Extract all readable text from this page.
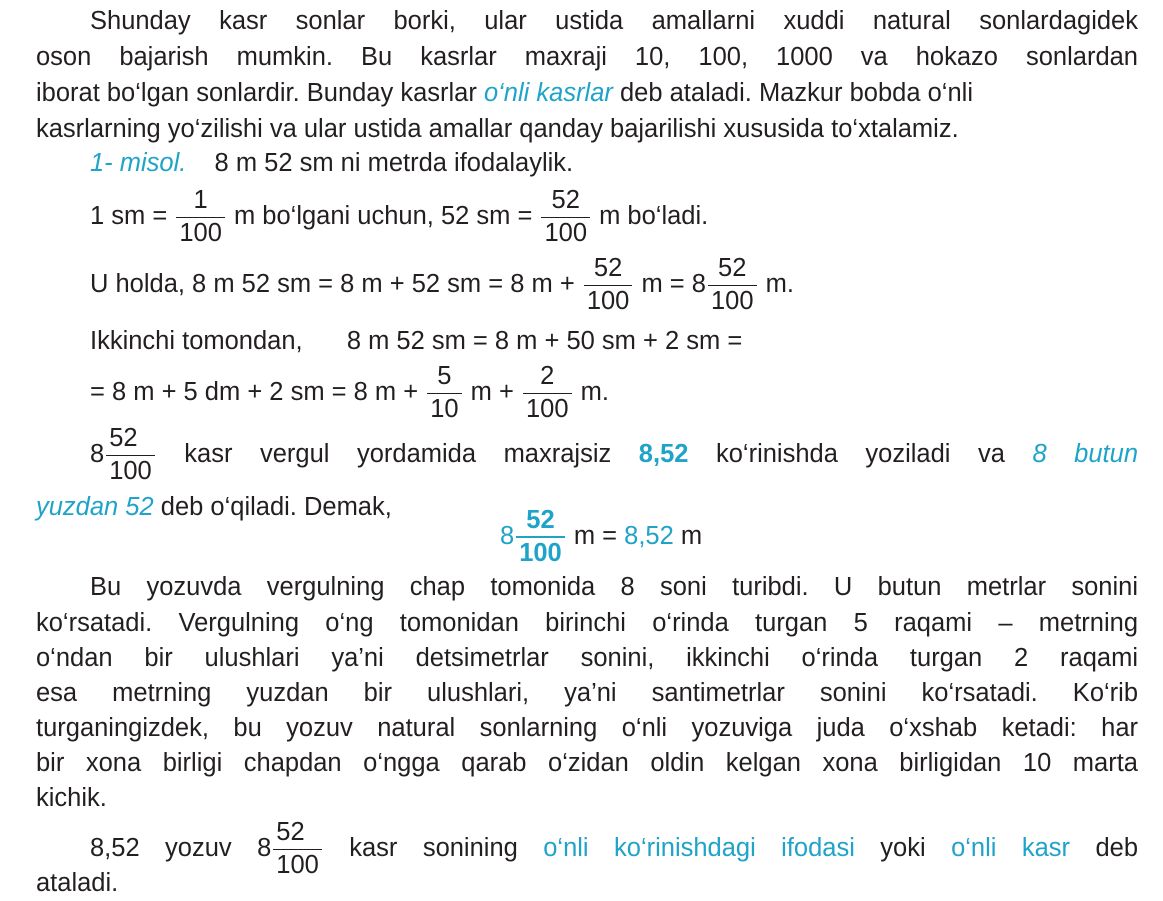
Shunday kasr sonlar borki, ular ustida amallarni xuddi natural sonlardagidek
oson bajarish mumkin. Bu kasrlar maxraji 10, 100, 1000 va hokazo sonlardan
iborat bo‘lgan sonlardir. Bunday kasrlar o‘nli kasrlar deb ataladi. Mazkur bobda o‘nli
kasrlarning yo‘zilishi va ular ustida amallar qanday bajarilishi xususida to‘xtalamiz.
1- misol. 8 m 52 sm ni metrda ifodalaylik.
1 sm = $\frac{1}{100}$ m bo‘lgani uchun, 52 sm = $\frac{52}{100}$ m bo‘ladi.
U holda, 8 m 52 sm = 8 m + 52 sm = 8 $m + \frac{52}{100}$ $m = 8 \frac{52}{100} m$.
Ikkinchi tomondan, 8 m 52 sm = 8 m + 50 sm + 2 sm =
= 8 m + 5 dm + 2 sm = 8 $m + \frac{5}{10}$ $m + \frac{2}{100} m$.
$8 \frac{52}{100}$ kasr vergul yordamida maxrajsiz 8,52 ko‘rinishda yoziladi va 8 butun
yuzdan 52 deb o‘qiladi. Demak,
$8 \frac{52}{100}$ m = 8,52 m
Bu yozuvda vergulning chap tomonida 8 soni turibdi. U butun metrlar sonini
ko‘rsatadi. Vergulning o‘ng tomonidan birinchi o‘rinda turgan 5 raqami – metrning
o‘ndan bir ulushlari ya’ni detsimetrlar sonini, ikkinchi o‘rinda turgan 2 raqami
esa metrning yuzdan bir ulushlari, ya’ni santimetrlar sonini ko‘rsatadi. Ko‘rib
turganingizdek, bu yozuv natural sonlarning o‘nli yozuviga juda o‘xshab ketadi: har
bir xona birligi chapdan o‘ngga qarab o‘zidan oldin kelgan xona birligidan 10 marta
kichik.
8,52 yozuv $8 \frac{52}{100}$ kasr sonining o‘nli ko‘rinishdagi ifodasi yoki o‘nli kasr deb
ataladi.
